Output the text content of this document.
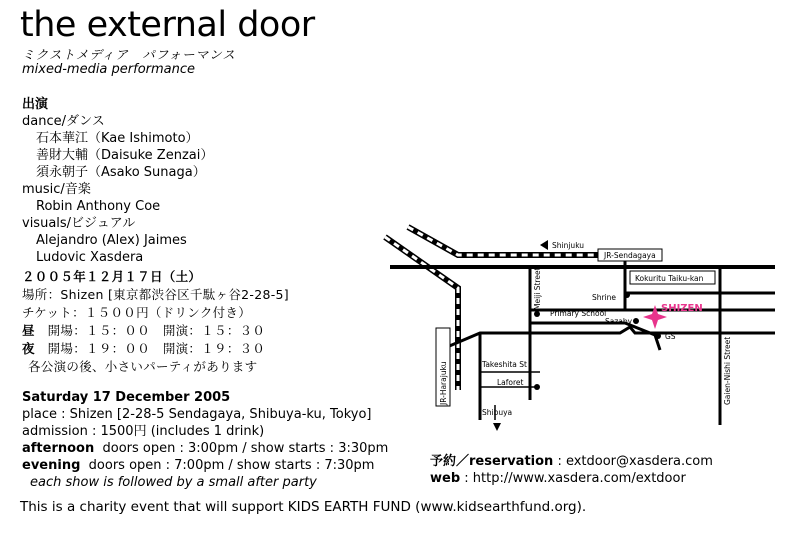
the external door
ミクストメディア　パフォーマンス
mixed-media performance
出演
dance/ダンス
石本華江（Kae Ishimoto）
善財大輔（Daisuke Zenzai）
須永朝子（Asako Sunaga）
music/音楽
Robin Anthony Coe
visuals/ビジュアル
Alejandro (Alex) Jaimes
Ludovic Xasdera
２００５年１２月１７日（土）
場所：Shizen [東京都渋谷区千駄ヶ谷2-28-5]
チケット：１５００円（ドリンク付き）
昼　 開場：１５：００　開演：１５：３０
夜　 開場：１９：００　開演：１９：３０
各公演の後、小さいパーティがあります
Saturday 17 December 2005
place : Shizen [2-28-5 Sendagaya, Shibuya-ku, Tokyo]
admission : 1500円 (includes 1 drink)
afternoon doors open : 3:00pm / show starts : 3:30pm
evening doors open : 7:00pm / show starts : 7:30pm
each show is followed by a small after party
予約／reservation : extdoor@xasdera.com
web : http://www.xasdera.com/extdoor
This is a charity event that will support KIDS EARTH FUND (www.kidsearthfund.org).
JR-Sendagaya
Kokuritu Taiku-kan
Shinjuku
Shibuya
Meiji Street
JR-Harajuku	Gaien-Nishi Street
Shrine
Primary School
Sazaby
GS
Laforet
Takeshita St
SHIZEN
